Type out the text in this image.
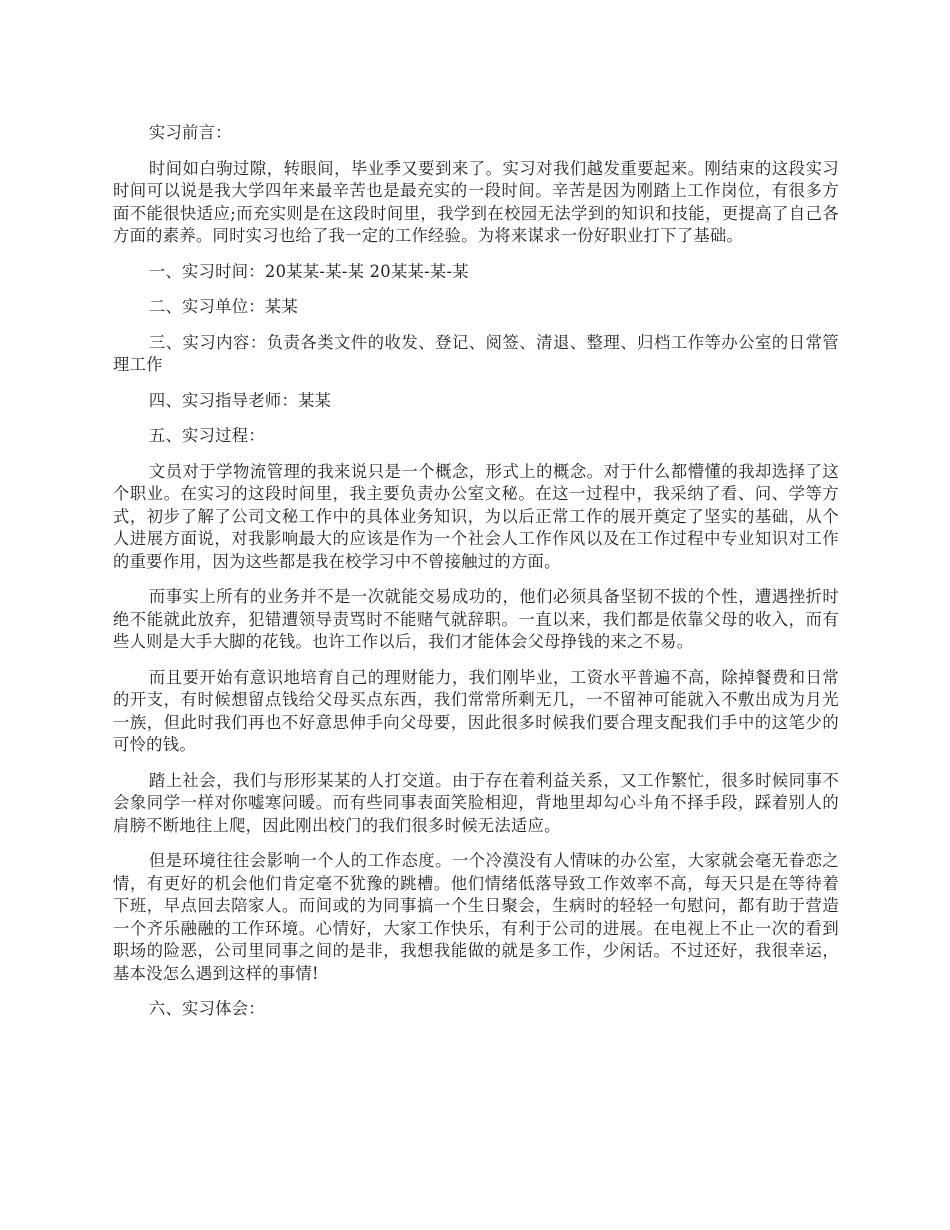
实习前言：

时间如白驹过隙，转眼间，毕业季又要到来了。实习对我们越发重要起来。刚结束的这段实习时间可以说是我大学四年来最辛苦也是最充实的一段时间。辛苦是因为刚踏上工作岗位，有很多方面不能很快适应;而充实则是在这段时间里，我学到在校园无法学到的知识和技能，更提高了自己各方面的素养。同时实习也给了我一定的工作经验。为将来谋求一份好职业打下了基础。

一、实习时间：20某某-某-某 20某某-某-某

二、实习单位：某某

三、实习内容：负责各类文件的收发、登记、阅签、清退、整理、归档工作等办公室的日常管理工作

四、实习指导老师：某某

五、实习过程：

文员对于学物流管理的我来说只是一个概念，形式上的概念。对于什么都懵懂的我却选择了这个职业。在实习的这段时间里，我主要负责办公室文秘。在这一过程中，我采纳了看、问、学等方式，初步了解了公司文秘工作中的具体业务知识，为以后正常工作的展开奠定了坚实的基础，从个人进展方面说，对我影响最大的应该是作为一个社会人工作作风以及在工作过程中专业知识对工作的重要作用，因为这些都是我在校学习中不曾接触过的方面。

而事实上所有的业务并不是一次就能交易成功的，他们必须具备坚韧不拔的个性，遭遇挫折时绝不能就此放弃，犯错遭领导责骂时不能赌气就辞职。一直以来，我们都是依靠父母的收入，而有些人则是大手大脚的花钱。也许工作以后，我们才能体会父母挣钱的来之不易。

而且要开始有意识地培育自己的理财能力，我们刚毕业，工资水平普遍不高，除掉餐费和日常的开支，有时候想留点钱给父母买点东西，我们常常所剩无几，一不留神可能就入不敷出成为月光一族，但此时我们再也不好意思伸手向父母要，因此很多时候我们要合理支配我们手中的这笔少的可怜的钱。

踏上社会，我们与形形某某的人打交道。由于存在着利益关系，又工作繁忙，很多时候同事不会象同学一样对你嘘寒问暖。而有些同事表面笑脸相迎，背地里却勾心斗角不择手段，踩着别人的肩膀不断地往上爬，因此刚出校门的我们很多时候无法适应。

但是环境往往会影响一个人的工作态度。一个冷漠没有人情味的办公室，大家就会毫无眷恋之情，有更好的机会他们肯定毫不犹豫的跳槽。他们情绪低落导致工作效率不高，每天只是在等待着下班，早点回去陪家人。而间或的为同事搞一个生日聚会，生病时的轻轻一句慰问，都有助于营造一个齐乐融融的工作环境。心情好，大家工作快乐，有利于公司的进展。在电视上不止一次的看到职场的险恶，公司里同事之间的是非，我想我能做的就是多工作，少闲话。不过还好，我很幸运，基本没怎么遇到这样的事情!

六、实习体会：
